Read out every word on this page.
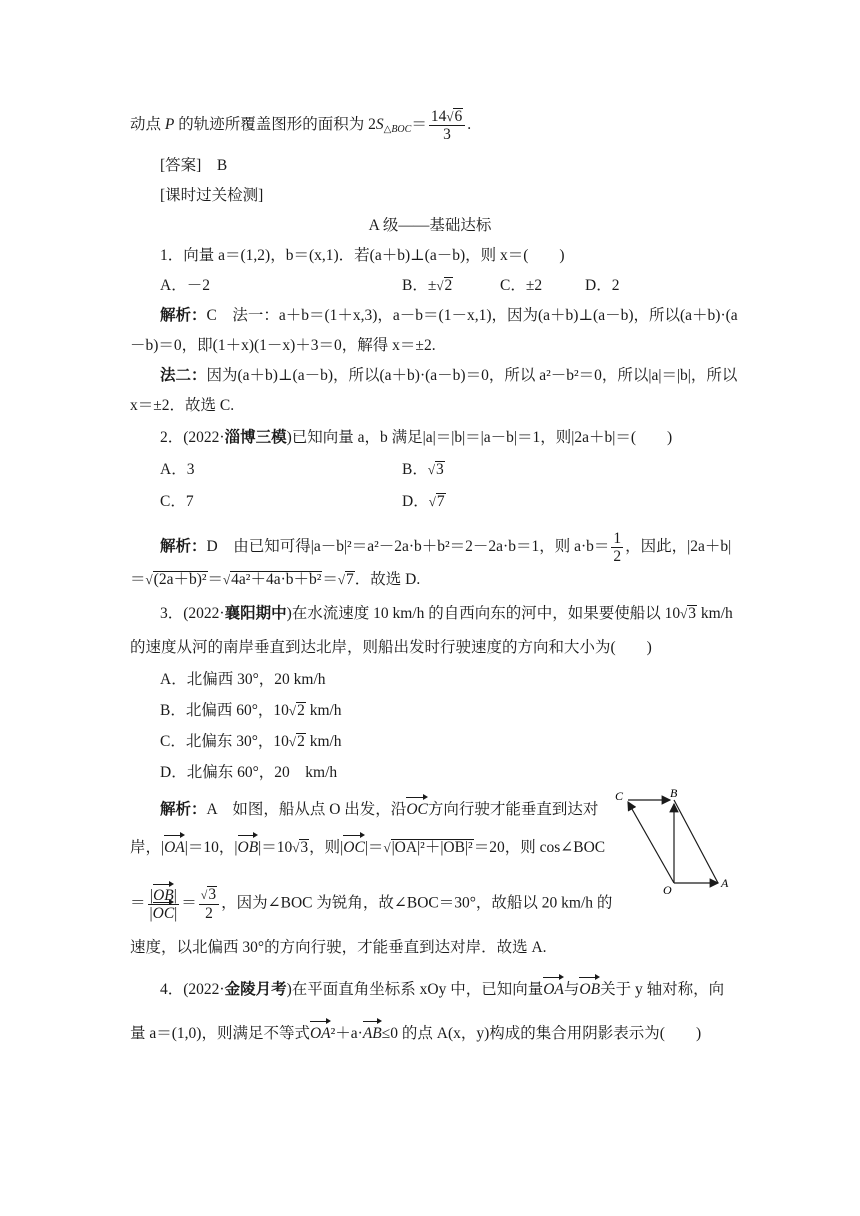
动点 P 的轨迹所覆盖图形的面积为 $2S_{\triangle BOC}= \frac{14√6}{3}$ .
[答案]　B
[课时过关检测]
A 级——基础达标
1．向量 a＝(1,2)，b＝(x,1)．若(a＋b)⊥(a－b)，则 x＝(　　)
A．－2	B．±√2	C．±2	D．2
解析：C　法一：a＋b＝(1＋x,3)，a－b＝(1－x,1)，因为(a＋b)⊥(a－b)，所以(a＋b)·(a
－b)＝0，即(1＋x)(1－x)＋3＝0，解得 x＝±2.
法二：因为(a＋b)⊥(a－b)，所以(a＋b)·(a－b)＝0，所以 a²－b²＝0，所以|a|＝|b|，所以
x＝±2．故选 C.
2．(2022·淄博三模)已知向量 a，b 满足|a|＝|b|＝|a－b|＝1，则|2a＋b|＝(　　)
A．3	B．√3
C．7	D．√7
解析：D　由已知可得|a－b|²＝a²－2a·b＋b²＝2－2a·b＝1，则 $a\cdot b= \frac{1}{2}$ ，因此，|2a＋b|
＝√(2a＋b)²＝√4a²＋4a·b＋b²＝√7．故选 D.
3．(2022·襄阳期中)在水流速度 10 km/h 的自西向东的河中，如果要使船以 10√3 km/h
的速度从河的南岸垂直到达北岸，则船出发时行驶速度的方向和大小为(　　)
A．北偏西 30°，20 km/h
B．北偏西 60°，10√2 km/h
C．北偏东 30°，10√2 km/h
D．北偏东 60°，20　km/h
解析：A　如图，船从点 O 出发，沿OC方向行驶才能垂直到达对
岸，|OA|＝10，|OB|＝10√3，则|OC|＝√|OA|²＋|OB|²＝20，则 cos∠BOC
＝ $\frac{|OB|}{|OC|} = \frac{√3}{2}$ ，因为∠BOC 为锐角，故∠BOC＝30°，故船以 20 km/h 的
速度，以北偏西 30°的方向行驶，才能垂直到达对岸．故选 A.
C	B
O	A
4．(2022·金陵月考)在平面直角坐标系 xOy 中，已知向量OA与OB关于 y 轴对称，向
量 a＝(1,0)，则满足不等式OA²＋a·AB≤0 的点 A(x，y)构成的集合用阴影表示为(　　)
